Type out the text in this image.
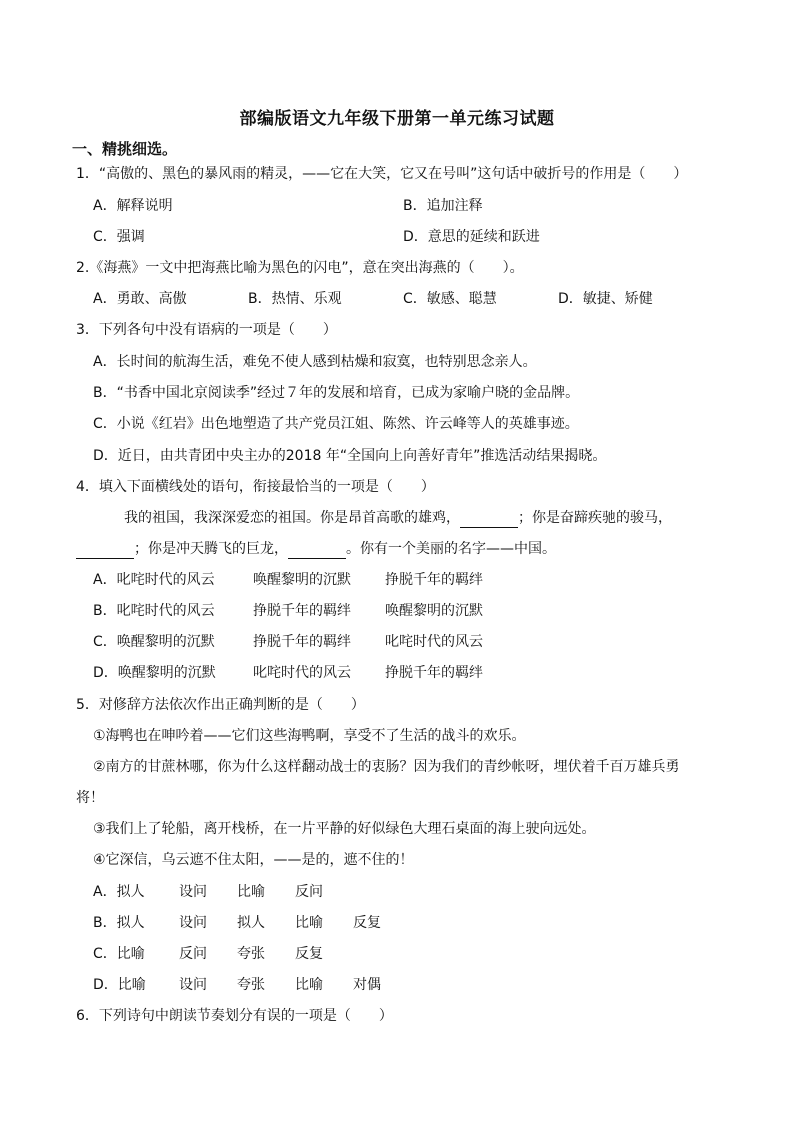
部编版语文九年级下册第一单元练习试题
一、精挑细选。
1．“高傲的、黑色的暴风雨的精灵，——它在大笑，它又在号叫”这句话中破折号的作用是（　　）
A．解释说明	B．追加注释
C．强调	D．意思的延续和跃进
2.《海燕》一文中把海燕比喻为黑色的闪电”，意在突出海燕的（　　）。
A．勇敢、高傲	B．热情、乐观	C．敏感、聪慧	D．敏捷、矫健
3．下列各句中没有语病的一项是（　　）
A．长时间的航海生活，难免不使人感到枯燥和寂寞，也特别思念亲人。
B．“书香中国北京阅读季”经过７年的发展和培育，已成为家喻户晓的金品牌。
C．小说《红岩》出色地塑造了共产党员江姐、陈然、许云峰等人的英雄事迹。
D．近日，由共青团中央主办的2018 年“全国向上向善好青年”推选活动结果揭晓。
4．填入下面横线处的语句，衔接最恰当的一项是（　　）
我的祖国，我深深爱恋的祖国。你是昂首高歌的雄鸡，	；你是奋蹄疾驰的骏马，
；你是冲天腾飞的巨龙，	。你有一个美丽的名字——中国。
A．叱咤时代的风云	唤醒黎明的沉默	挣脱千年的羁绊
B．叱咤时代的风云	挣脱千年的羁绊	唤醒黎明的沉默
C．唤醒黎明的沉默	挣脱千年的羁绊	叱咤时代的风云
D．唤醒黎明的沉默	叱咤时代的风云	挣脱千年的羁绊
5．对修辞方法依次作出正确判断的是（　　）
①海鸭也在呻吟着——它们这些海鸭啊，享受不了生活的战斗的欢乐。
②南方的甘蔗林哪，你为什么这样翻动战士的衷肠？因为我们的青纱帐呀，埋伏着千百万雄兵勇
将！
③我们上了轮船，离开栈桥，在一片平静的好似绿色大理石桌面的海上驶向远处。
④它深信，乌云遮不住太阳，——是的，遮不住的！
A．拟人	设问	比喻	反问
B．拟人	设问	拟人	比喻	反复
C．比喻	反问	夸张	反复
D．比喻	设问	夸张	比喻	对偶
6．下列诗句中朗读节奏划分有误的一项是（　　）
